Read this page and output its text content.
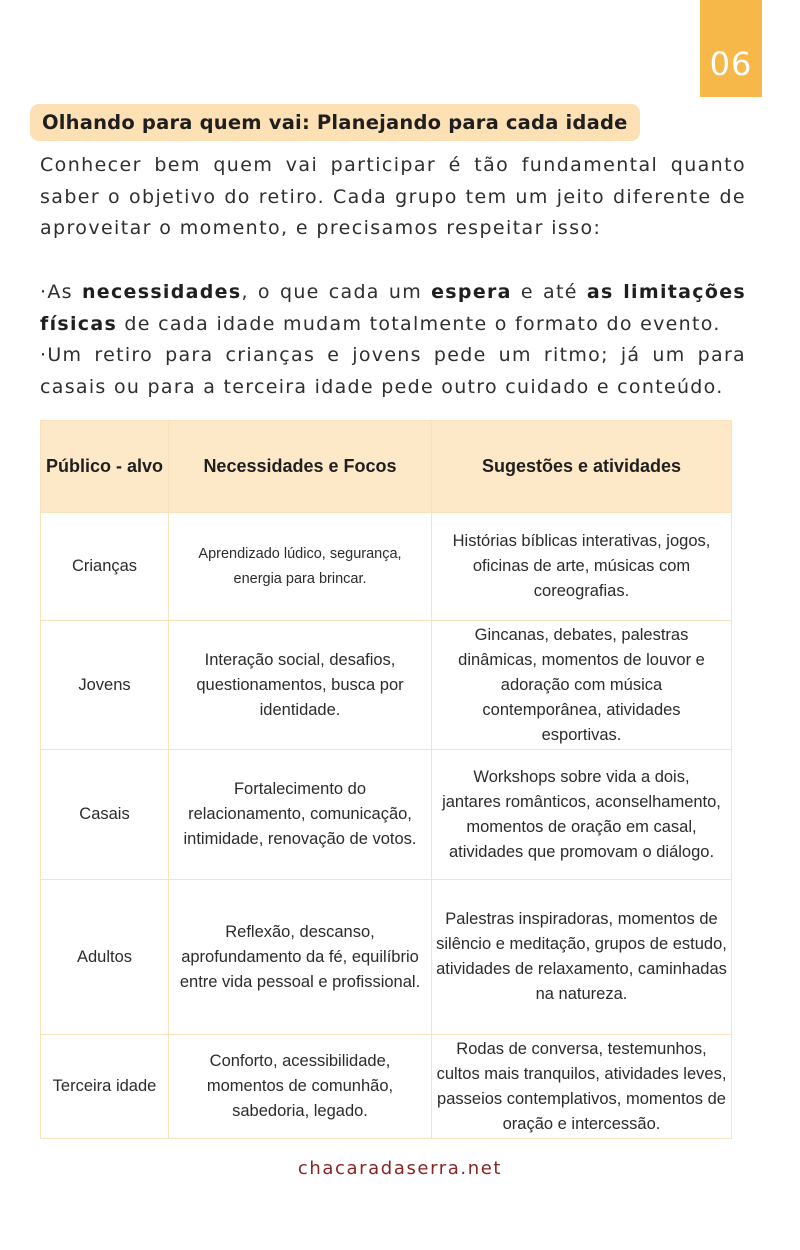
06
Olhando para quem vai: Planejando para cada idade

Conhecer bem quem vai participar é tão fundamental quanto saber o objetivo do retiro. Cada grupo tem um jeito diferente de aproveitar o momento, e precisamos respeitar isso:

·As necessidades, o que cada um espera e até as limitações físicas de cada idade mudam totalmente o formato do evento.

·Um retiro para crianças e jovens pede um ritmo; já um para casais ou para a terceira idade pede outro cuidado e conteúdo.

Público - alvo	Necessidades e Focos	Sugestões e atividades
Crianças	Aprendizado lúdico, segurança, energia para brincar.	Histórias bíblicas interativas, jogos, oficinas de arte, músicas com coreografias.
Jovens	Interação social, desafios, questionamentos, busca por identidade.	Gincanas, debates, palestras dinâmicas, momentos de louvor e adoração com música contemporânea, atividades esportivas.
Casais	Fortalecimento do relacionamento, comunicação, intimidade, renovação de votos.	Workshops sobre vida a dois, jantares românticos, aconselhamento, momentos de oração em casal, atividades que promovam o diálogo.
Adultos	Reflexão, descanso, aprofundamento da fé, equilíbrio entre vida pessoal e profissional.	Palestras inspiradoras, momentos de silêncio e meditação, grupos de estudo, atividades de relaxamento, caminhadas na natureza.
Terceira idade	Conforto, acessibilidade, momentos de comunhão, sabedoria, legado.	Rodas de conversa, testemunhos, cultos mais tranquilos, atividades leves, passeios contemplativos, momentos de oração e intercessão.
chacaradaserra.net
